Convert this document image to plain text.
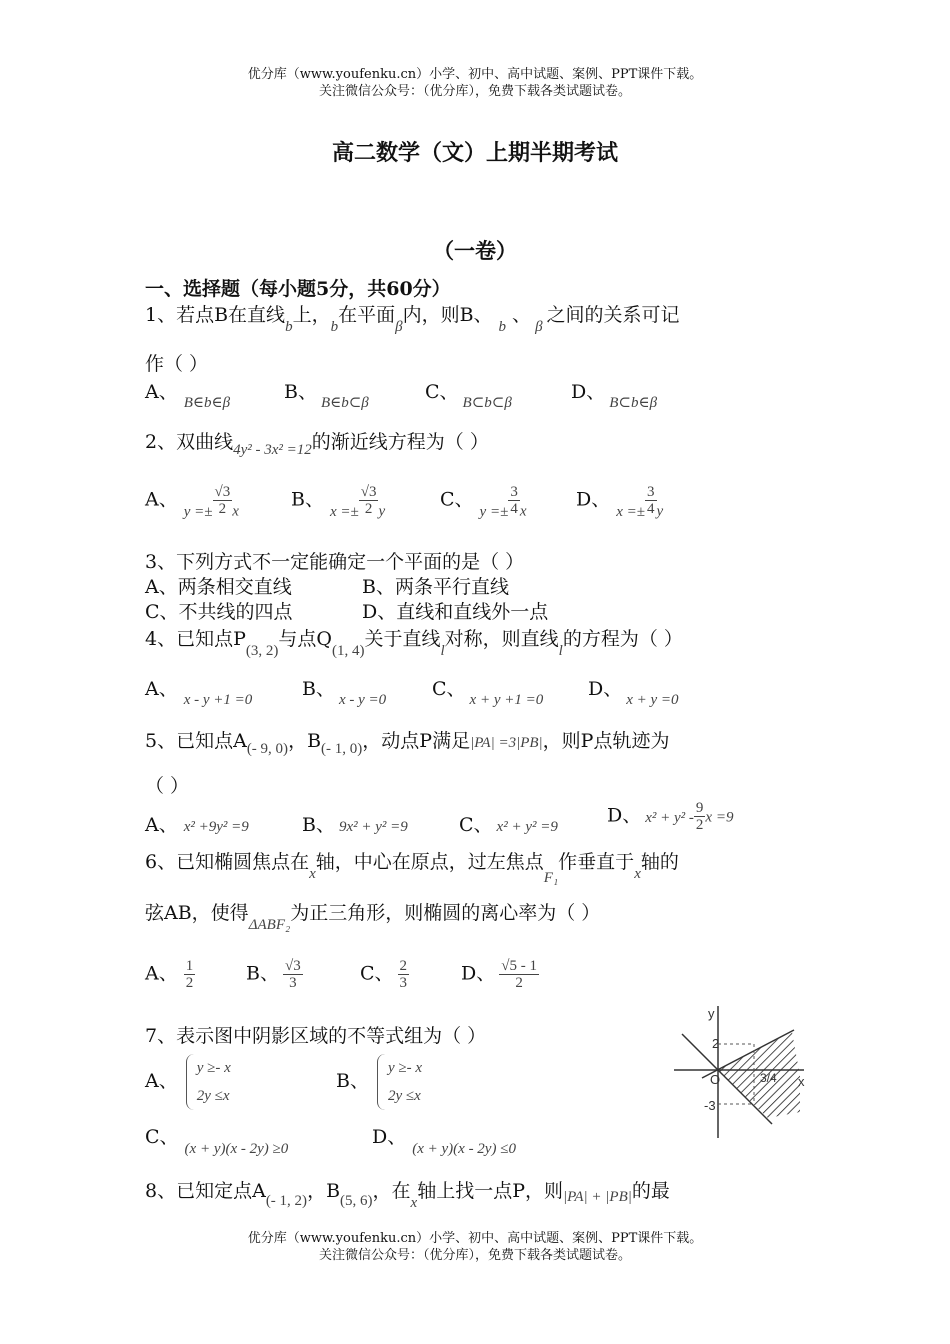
优分库（www.youfenku.cn）小学、初中、高中试题、案例、PPT课件下载。
关注微信公众号：（优分库），免费下载各类试题试卷。
高二数学（文）上期半期考试
（一卷）
一、选择题（每小题5分，共60分）
1、若点B在直线$_b$上，$_b$在平面$_\beta$内，则B、$_b$、$_\beta$之间的关系可记
作（ ）
A、 $_{B\in b\in\beta}$	B、 $_{B\in b\subset\beta}$	C、 $_{B\subset b\subset\beta}$	D、 $_{B\subset b\in\beta}$
2、双曲线$_{4y^2 - 3x^2 =12}$的渐近线方程为（ ）
A、$_{y =\pm} \frac{√3}{2} _x$
B、$_{x =\pm} \frac{√3}{2} _y$
C、$_{y =\pm} \frac{3}{4} _x$
D、$_{x =\pm} \frac{3}{4} _y$
3、下列方式不一定能确定一个平面的是（ ）
A、两条相交直线	B、两条平行直线
C、不共线的四点	D、直线和直线外一点
4、已知点$P_{(3, 2)}$与点$Q_{(1, 4)}$关于直线$_l$对称，则直线$_l$的方程为（ ）
A、 $_{x - y +1 =0}$	B、 $_{x - y =0}$ C、 $_{x + y +1 =0}$ D、 $_{x + y =0}$
5、已知点$A_{(- 9, 0)}$，$B_{(- 1, 0)}$，动点P满足|PA| =3|PB|，则P点轨迹为
（ ）
A、 x² +9y² =9	B、 9x² + y² =9	C、 x² + y² =9
D、 $x^2 + y^2 - \frac{9}{2}$ x =9
6、已知椭圆焦点在$_x$轴，中心在原点，过左焦点$_{F_1}$作垂直于$_x$轴的
弦AB，使得$_{\Delta ABF_2}$为正三角形，则椭圆的离心率为（ ）
A、 $\frac{1}{2}$	B、 $\frac{√3}{3}$	C、 $\frac{2}{3}$	D、 $\frac{√5 - 1}{2}$
7、表示图中阴影区域的不等式组为（ ）
A、
y ≥- x
2y ≤x
B、
y ≥- x
2y ≤x
C、$_{(x + y)(x - 2y) \ge 0}$
D、$_{(x + y)(x - 2y) \le 0}$
y
x
O
2
-3
3/4
8、已知定点$A_{(- 1, 2)}$，$B_{(5, 6)}$，在$_x$轴上找一点P，则$_{|PA| + |PB|}$的最
优分库（www.youfenku.cn）小学、初中、高中试题、案例、PPT课件下载。
关注微信公众号：（优分库），免费下载各类试题试卷。
